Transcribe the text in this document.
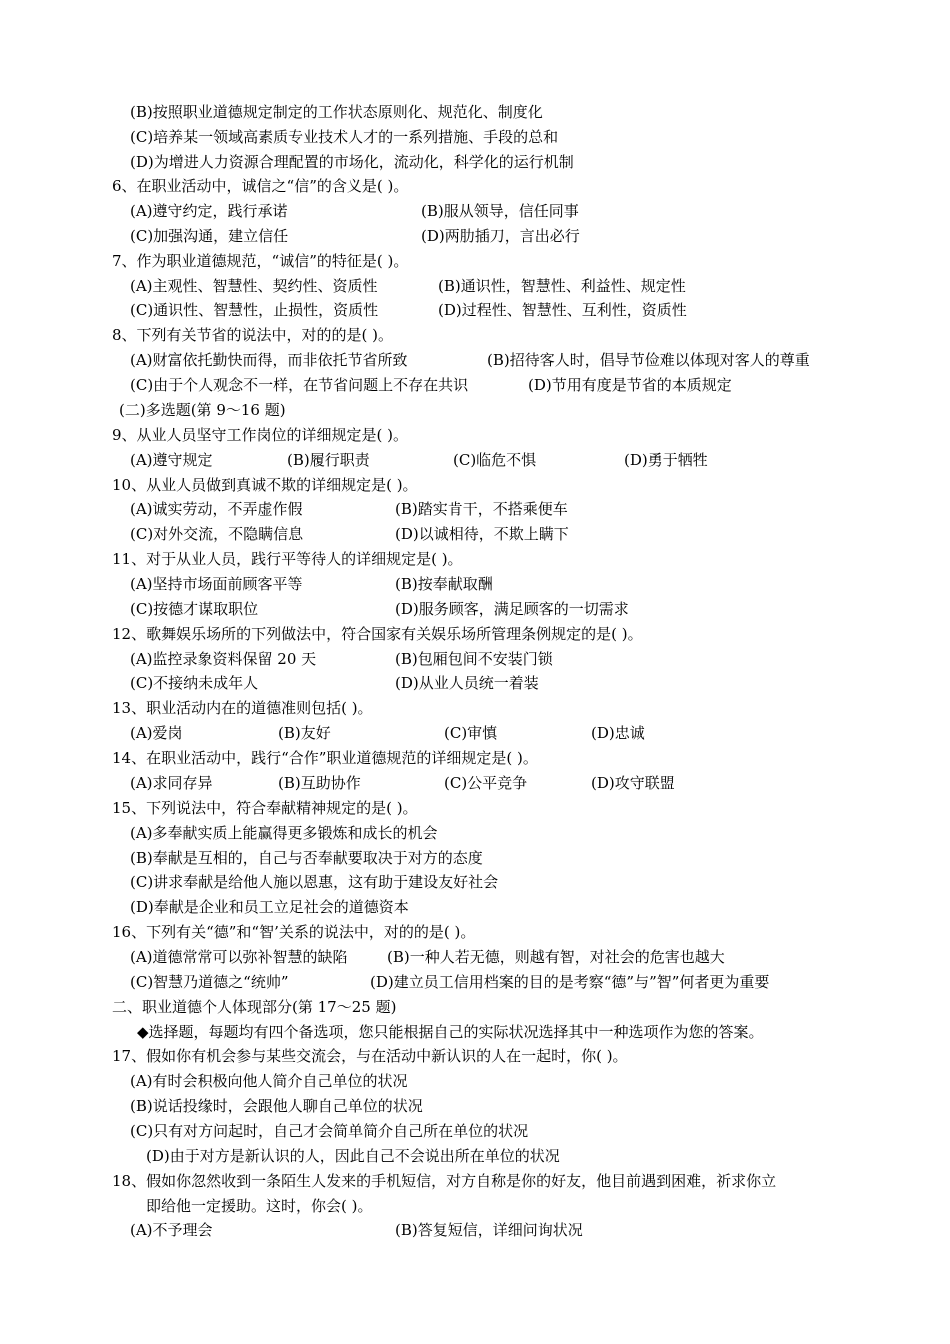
(B)按照职业道德规定制定的工作状态原则化、规范化、制度化
(C)培养某一领域高素质专业技术人才的一系列措施、手段的总和
(D)为增进人力资源合理配置的市场化，流动化，科学化的运行机制
6、在职业活动中，诚信之“信”的含义是( )。
(A)遵守约定，践行承诺	(B)服从领导，信任同事
(C)加强沟通，建立信任	(D)两肋插刀，言出必行
7、作为职业道德规范，“诚信”的特征是( )。
(A)主观性、智慧性、契约性、资质性	(B)通识性，智慧性、利益性、规定性
(C)通识性、智慧性，止损性，资质性	(D)过程性、智慧性、互利性，资质性
8、下列有关节省的说法中，对的的是( )。
(A)财富依托勤快而得，而非依托节省所致	(B)招待客人时，倡导节俭难以体现对客人的尊重
(C)由于个人观念不一样，在节省问题上不存在共识	(D)节用有度是节省的本质规定
(二)多选题(第 9～16 题)
9、从业人员坚守工作岗位的详细规定是( )。
(A)遵守规定	(B)履行职责	(C)临危不惧	(D)勇于牺牲
10、从业人员做到真诚不欺的详细规定是( )。
(A)诚实劳动，不弄虚作假	(B)踏实肯干，不搭乘便车
(C)对外交流，不隐瞒信息	(D)以诚相待，不欺上瞒下
11、对于从业人员，践行平等待人的详细规定是( )。
(A)坚持市场面前顾客平等	(B)按奉献取酬
(C)按德才谋取职位	(D)服务顾客，满足顾客的一切需求
12、歌舞娱乐场所的下列做法中，符合国家有关娱乐场所管理条例规定的是( )。
(A)监控录象资料保留 20 天	(B)包厢包间不安装门锁
(C)不接纳未成年人	(D)从业人员统一着装
13、职业活动内在的道德准则包括( )。
(A)爱岗	(B)友好	(C)审慎	(D)忠诚
14、在职业活动中，践行“合作”职业道德规范的详细规定是( )。
(A)求同存异	(B)互助协作	(C)公平竞争	(D)攻守联盟
15、下列说法中，符合奉献精神规定的是( )。
(A)多奉献实质上能赢得更多锻炼和成长的机会
(B)奉献是互相的，自己与否奉献要取决于对方的态度
(C)讲求奉献是给他人施以恩惠，这有助于建设友好社会
(D)奉献是企业和员工立足社会的道德资本
16、下列有关“德”和“智’关系的说法中，对的的是( )。
(A)道德常常可以弥补智慧的缺陷	(B)一种人若无德，则越有智，对社会的危害也越大
(C)智慧乃道德之“统帅”	(D)建立员工信用档案的目的是考察“德”与”智”何者更为重要
二、职业道德个人体现部分(第 17～25 题)
◆选择题，每题均有四个备选项，您只能根据自己的实际状况选择其中一种选项作为您的答案。
17、假如你有机会参与某些交流会，与在活动中新认识的人在一起时，你( )。
(A)有时会积极向他人简介自己单位的状况
(B)说话投缘时，会跟他人聊自己单位的状况
(C)只有对方问起时，自己才会简单简介自己所在单位的状况
(D)由于对方是新认识的人，因此自己不会说出所在单位的状况
18、假如你忽然收到一条陌生人发来的手机短信，对方自称是你的好友，他目前遇到困难，祈求你立
即给他一定援助。这时，你会( )。
(A)不予理会	(B)答复短信，详细问询状况
